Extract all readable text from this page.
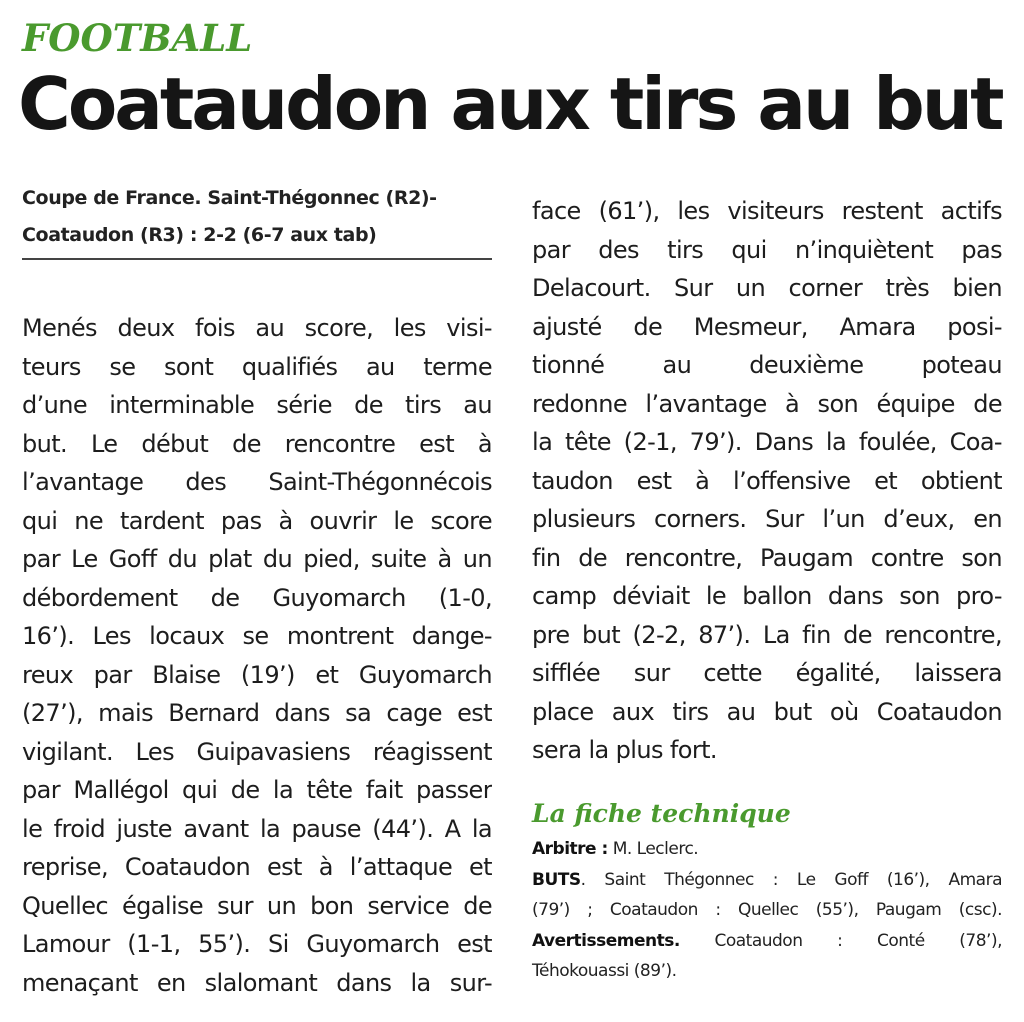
FOOTBALL
Coataudon aux tirs au but
Coupe de France. Saint-Thégonnec (R2)-
Coataudon (R3) : 2-2 (6-7 aux tab)
Menés deux fois au score, les visi-
teurs se sont qualifiés au terme
d’une interminable série de tirs au
but. Le début de rencontre est à
l’avantage des Saint-Thégonnécois
qui ne tardent pas à ouvrir le score
par Le Goff du plat du pied, suite à un
débordement de Guyomarch (1-0,
16’). Les locaux se montrent dange-
reux par Blaise (19’) et Guyomarch
(27’), mais Bernard dans sa cage est
vigilant. Les Guipavasiens réagissent
par Mallégol qui de la tête fait passer
le froid juste avant la pause (44’). A la
reprise, Coataudon est à l’attaque et
Quellec égalise sur un bon service de
Lamour (1-1, 55’). Si Guyomarch est
menaçant en slalomant dans la sur-
face (61’), les visiteurs restent actifs
par des tirs qui n’inquiètent pas
Delacourt. Sur un corner très bien
ajusté de Mesmeur, Amara posi-
tionné au deuxième poteau
redonne l’avantage à son équipe de
la tête (2-1, 79’). Dans la foulée, Coa-
taudon est à l’offensive et obtient
plusieurs corners. Sur l’un d’eux, en
fin de rencontre, Paugam contre son
camp déviait le ballon dans son pro-
pre but (2-2, 87’). La fin de rencontre,
sifflée sur cette égalité, laissera
place aux tirs au but où Coataudon
sera la plus fort.
La fiche technique
Arbitre : M. Leclerc.
BUTS. Saint Thégonnec : Le Goff (16’), Amara
(79’) ; Coataudon : Quellec (55’), Paugam (csc).
Avertissements. Coataudon : Conté (78’),
Téhokouassi (89’).
